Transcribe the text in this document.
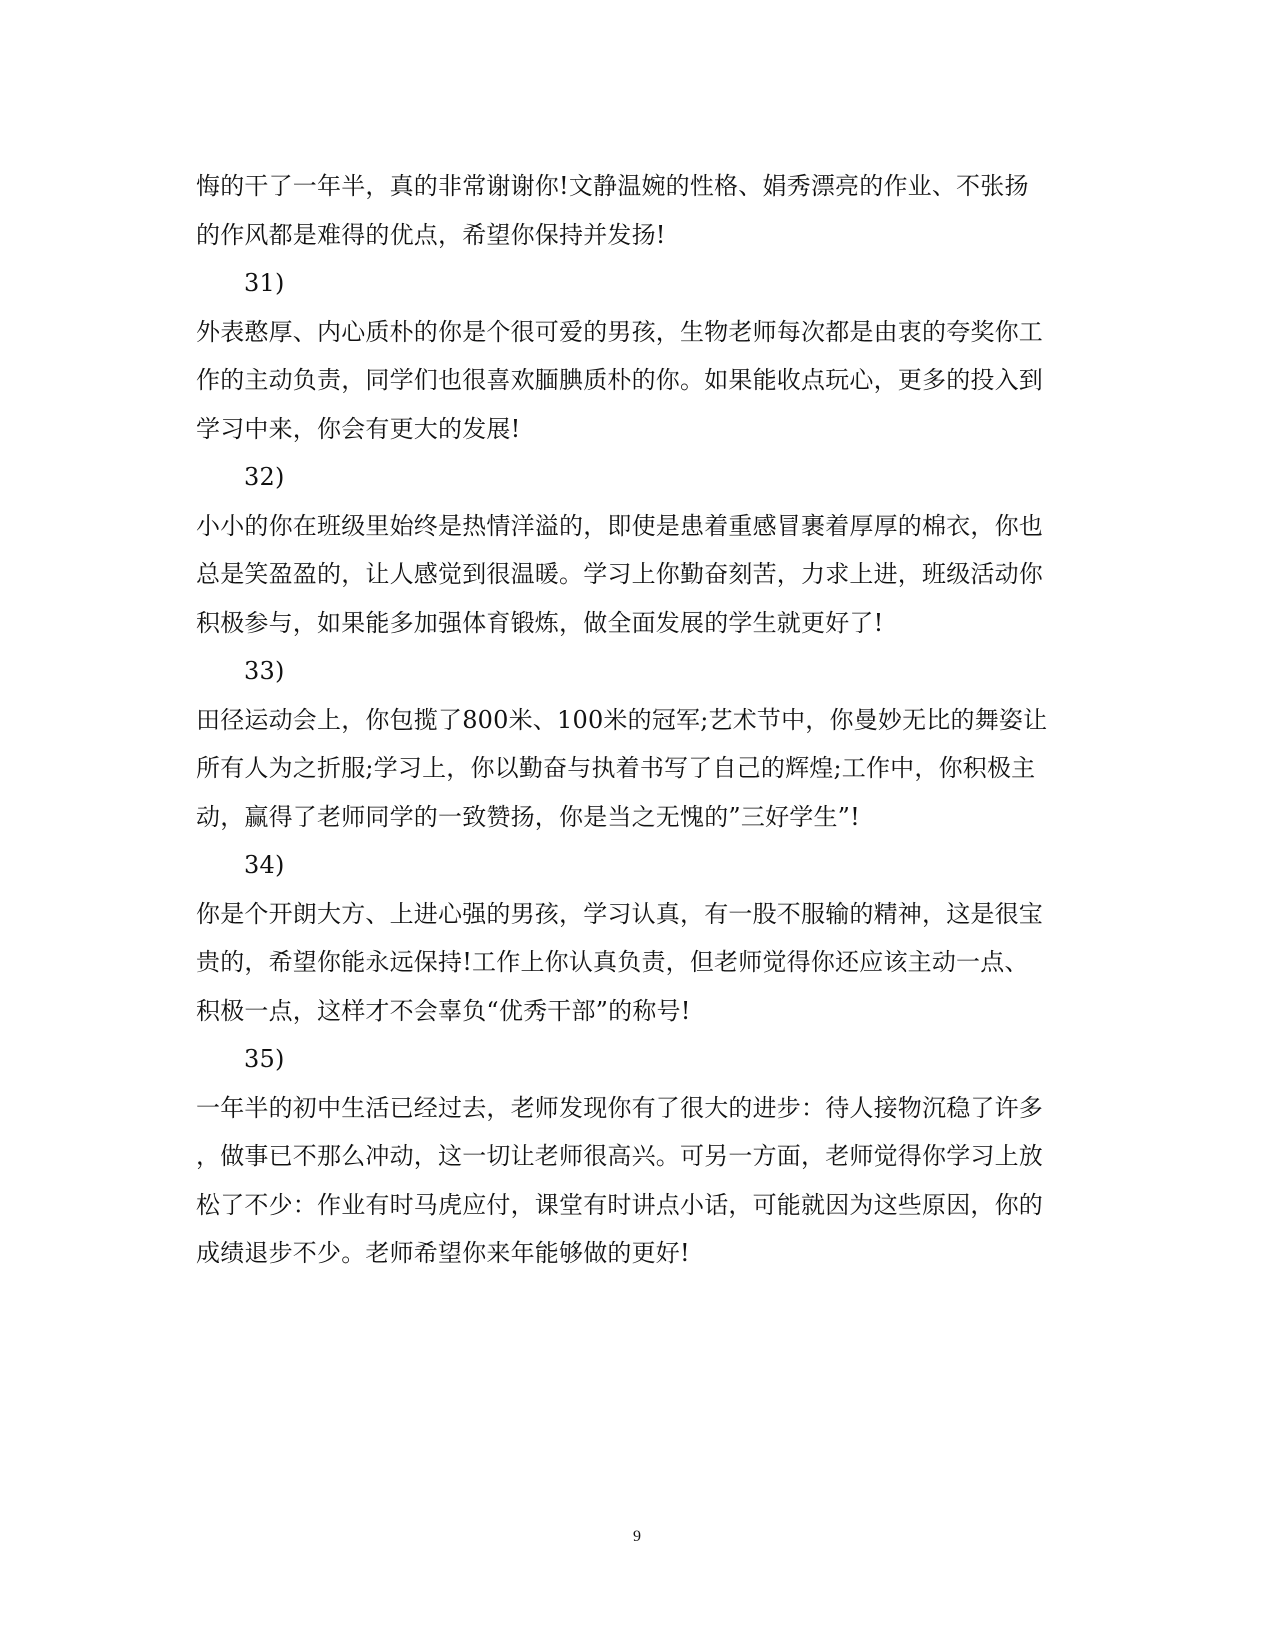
悔的干了一年半，真的非常谢谢你!文静温婉的性格、娟秀漂亮的作业、不张扬
的作风都是难得的优点，希望你保持并发扬!
31)
外表憨厚、内心质朴的你是个很可爱的男孩，生物老师每次都是由衷的夸奖你工
作的主动负责，同学们也很喜欢腼腆质朴的你。如果能收点玩心，更多的投入到
学习中来，你会有更大的发展!
32)
小小的你在班级里始终是热情洋溢的，即使是患着重感冒裹着厚厚的棉衣，你也
总是笑盈盈的，让人感觉到很温暖。学习上你勤奋刻苦，力求上进，班级活动你
积极参与，如果能多加强体育锻炼，做全面发展的学生就更好了!
33)
田径运动会上，你包揽了800米、100米的冠军;艺术节中，你曼妙无比的舞姿让
所有人为之折服;学习上，你以勤奋与执着书写了自己的辉煌;工作中，你积极主
动，赢得了老师同学的一致赞扬，你是当之无愧的”三好学生”!
34)
你是个开朗大方、上进心强的男孩，学习认真，有一股不服输的精神，这是很宝
贵的，希望你能永远保持!工作上你认真负责，但老师觉得你还应该主动一点、
积极一点，这样才不会辜负“优秀干部”的称号!
35)
一年半的初中生活已经过去，老师发现你有了很大的进步：待人接物沉稳了许多
，做事已不那么冲动，这一切让老师很高兴。可另一方面，老师觉得你学习上放
松了不少：作业有时马虎应付，课堂有时讲点小话，可能就因为这些原因，你的
成绩退步不少。老师希望你来年能够做的更好!
9
